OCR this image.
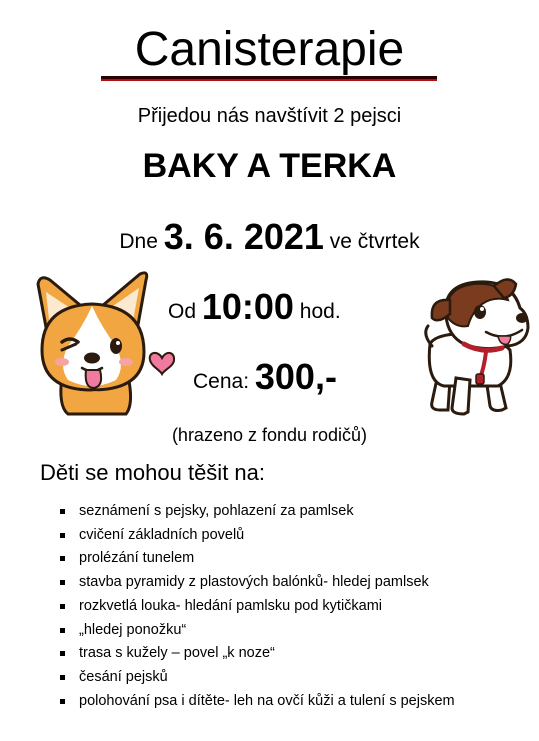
Canisterapie
Přijedou nás navštívit 2 pejsci
BAKY A TERKA
Dne 3. 6. 2021 ve čtvrtek
Od 10:00 hod.
Cena: 300,-
(hrazeno z fondu rodičů)
Děti se mohou těšit na:
seznámení s pejsky, pohlazení za pamlsek
cvičení základních povelů
prolézání tunelem
stavba pyramidy z plastových balónků- hledej pamlsek
rozkvetlá louka- hledání pamlsku pod kytičkami
„hledej ponožku“
trasa s kužely – povel „k noze“
česání pejsků
polohování psa i dítěte- leh na ovčí kůži a tulení s pejskem
